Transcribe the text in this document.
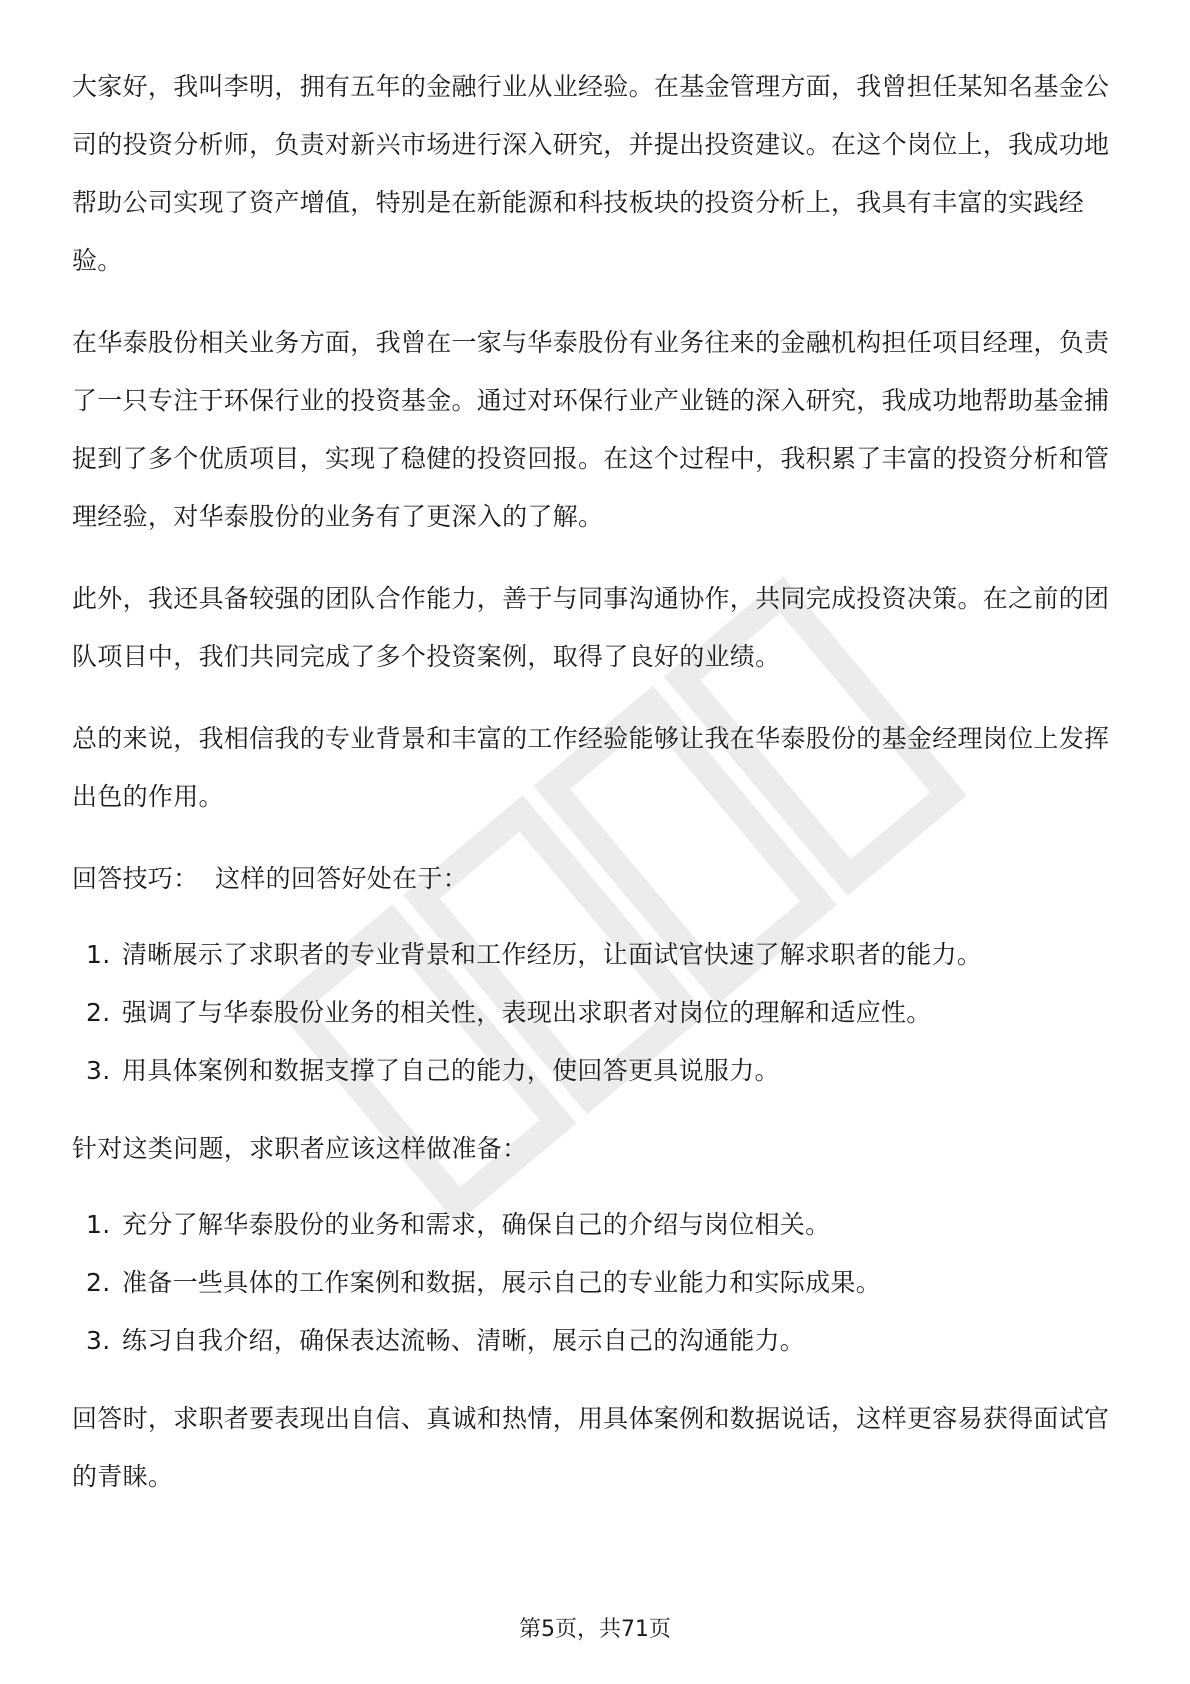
大家好，我叫李明，拥有五年的金融行业从业经验。在基金管理方面，我曾担任某知名基金公司的投资分析师，负责对新兴市场进行深入研究，并提出投资建议。在这个岗位上，我成功地帮助公司实现了资产增值，特别是在新能源和科技板块的投资分析上，我具有丰富的实践经验。

在华泰股份相关业务方面，我曾在一家与华泰股份有业务往来的金融机构担任项目经理，负责了一只专注于环保行业的投资基金。通过对环保行业产业链的深入研究，我成功地帮助基金捕捉到了多个优质项目，实现了稳健的投资回报。在这个过程中，我积累了丰富的投资分析和管理经验，对华泰股份的业务有了更深入的了解。

此外，我还具备较强的团队合作能力，善于与同事沟通协作，共同完成投资决策。在之前的团队项目中，我们共同完成了多个投资案例，取得了良好的业绩。

总的来说，我相信我的专业背景和丰富的工作经验能够让我在华泰股份的基金经理岗位上发挥出色的作用。

回答技巧：  这样的回答好处在于：

1. 清晰展示了求职者的专业背景和工作经历，让面试官快速了解求职者的能力。
2. 强调了与华泰股份业务的相关性，表现出求职者对岗位的理解和适应性。
3. 用具体案例和数据支撑了自己的能力，使回答更具说服力。

针对这类问题，求职者应该这样做准备：

1. 充分了解华泰股份的业务和需求，确保自己的介绍与岗位相关。
2. 准备一些具体的工作案例和数据，展示自己的专业能力和实际成果。
3. 练习自我介绍，确保表达流畅、清晰，展示自己的沟通能力。

回答时，求职者要表现出自信、真诚和热情，用具体案例和数据说话，这样更容易获得面试官的青睐。

第5页，共71页
